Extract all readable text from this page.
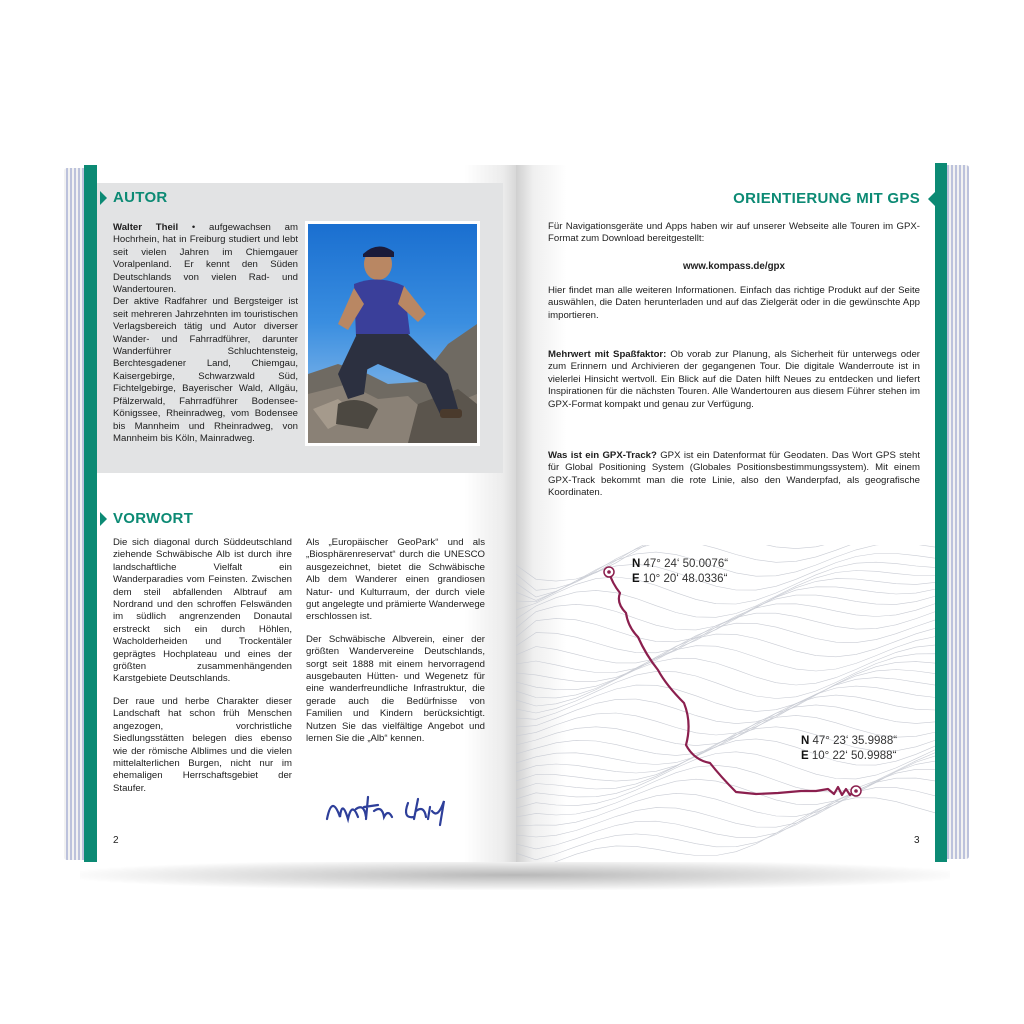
AUTOR

Walter Theil • aufgewachsen am Hochrhein, hat in Freiburg studiert und lebt seit vielen Jahren im Chiemgauer Voralpenland. Er kennt den Süden Deutschlands von vielen Rad- und Wandertouren.

Der aktive Radfahrer und Bergsteiger ist seit mehreren Jahrzehnten im touristischen Verlagsbereich tätig und Autor diverser Wander- und Fahrradführer, darunter Wanderführer Schluchtensteig, Berchtesgadener Land, Chiemgau, Kaisergebirge, Schwarzwald Süd, Fichtelgebirge, Bayerischer Wald, Allgäu, Pfälzerwald, Fahrradführer Bodensee-Königssee, Rheinradweg, vom Bodensee bis Mannheim und Rheinradweg, von Mannheim bis Köln, Mainradweg.

VORWORT

Die sich diagonal durch Süddeutschland ziehende Schwäbische Alb ist durch ihre landschaftliche Vielfalt ein Wanderparadies vom Feinsten. Zwischen dem steil abfallenden Albtrauf am Nordrand und den schroffen Felswänden im südlich angrenzenden Donautal erstreckt sich ein durch Höhlen, Wacholderheiden und Trockentäler geprägtes Hochplateau und eines der größten zusammenhängenden Karstgebiete Deutschlands.

Der raue und herbe Charakter dieser Landschaft hat schon früh Menschen angezogen, vorchristliche Siedlungsstätten belegen dies ebenso wie der römische Alblimes und die vielen mittelalterlichen Burgen, nicht nur im ehemaligen Herrschaftsgebiet der Staufer.

Als „Europäischer GeoPark“ und als „Biosphärenreservat“ durch die UNESCO ausgezeichnet, bietet die Schwäbische Alb dem Wanderer einen grandiosen Natur- und Kulturraum, der durch viele gut angelegte und prämierte Wanderwege erschlossen ist.

Der Schwäbische Albverein, einer der größten Wandervereine Deutschlands, sorgt seit 1888 mit einem hervorragend ausgebauten Hütten- und Wegenetz für eine wanderfreundliche Infrastruktur, die gerade auch die Bedürfnisse von Familien und Kindern berücksichtigt. Nutzen Sie das vielfältige Angebot und lernen Sie die „Alb“ kennen.

2
ORIENTIERUNG MIT GPS
Für Navigationsgeräte und Apps haben wir auf unserer Webseite alle Touren im GPX-Format zum Download bereitgestellt:
www.kompass.de/gpx
Hier findet man alle weiteren Informationen. Einfach das richtige Produkt auf der Seite auswählen, die Daten herunterladen und auf das Zielgerät oder in die gewünschte App importieren.
Mehrwert mit Spaßfaktor: Ob vorab zur Planung, als Sicherheit für unterwegs oder zum Erinnern und Archivieren der gegangenen Tour. Die digitale Wanderroute ist in vielerlei Hinsicht wertvoll. Ein Blick auf die Daten hilft Neues zu entdecken und liefert Inspirationen für die nächsten Touren. Alle Wandertouren aus diesem Führer stehen im GPX-Format kompakt und genau zur Verfügung.
Was ist ein GPX-Track? GPX ist ein Datenformat für Geodaten. Das Wort GPS steht für Global Positioning System (Globales Positionsbestimmungssystem). Mit einem GPX-Track bekommt man die rote Linie, also den Wanderpfad, als geografische Koordinaten.
N 47° 24‘ 50.0076“
E 10° 20‘ 48.0336“
N 47° 23‘ 35.9988“
E 10° 22‘ 50.9988“
3
